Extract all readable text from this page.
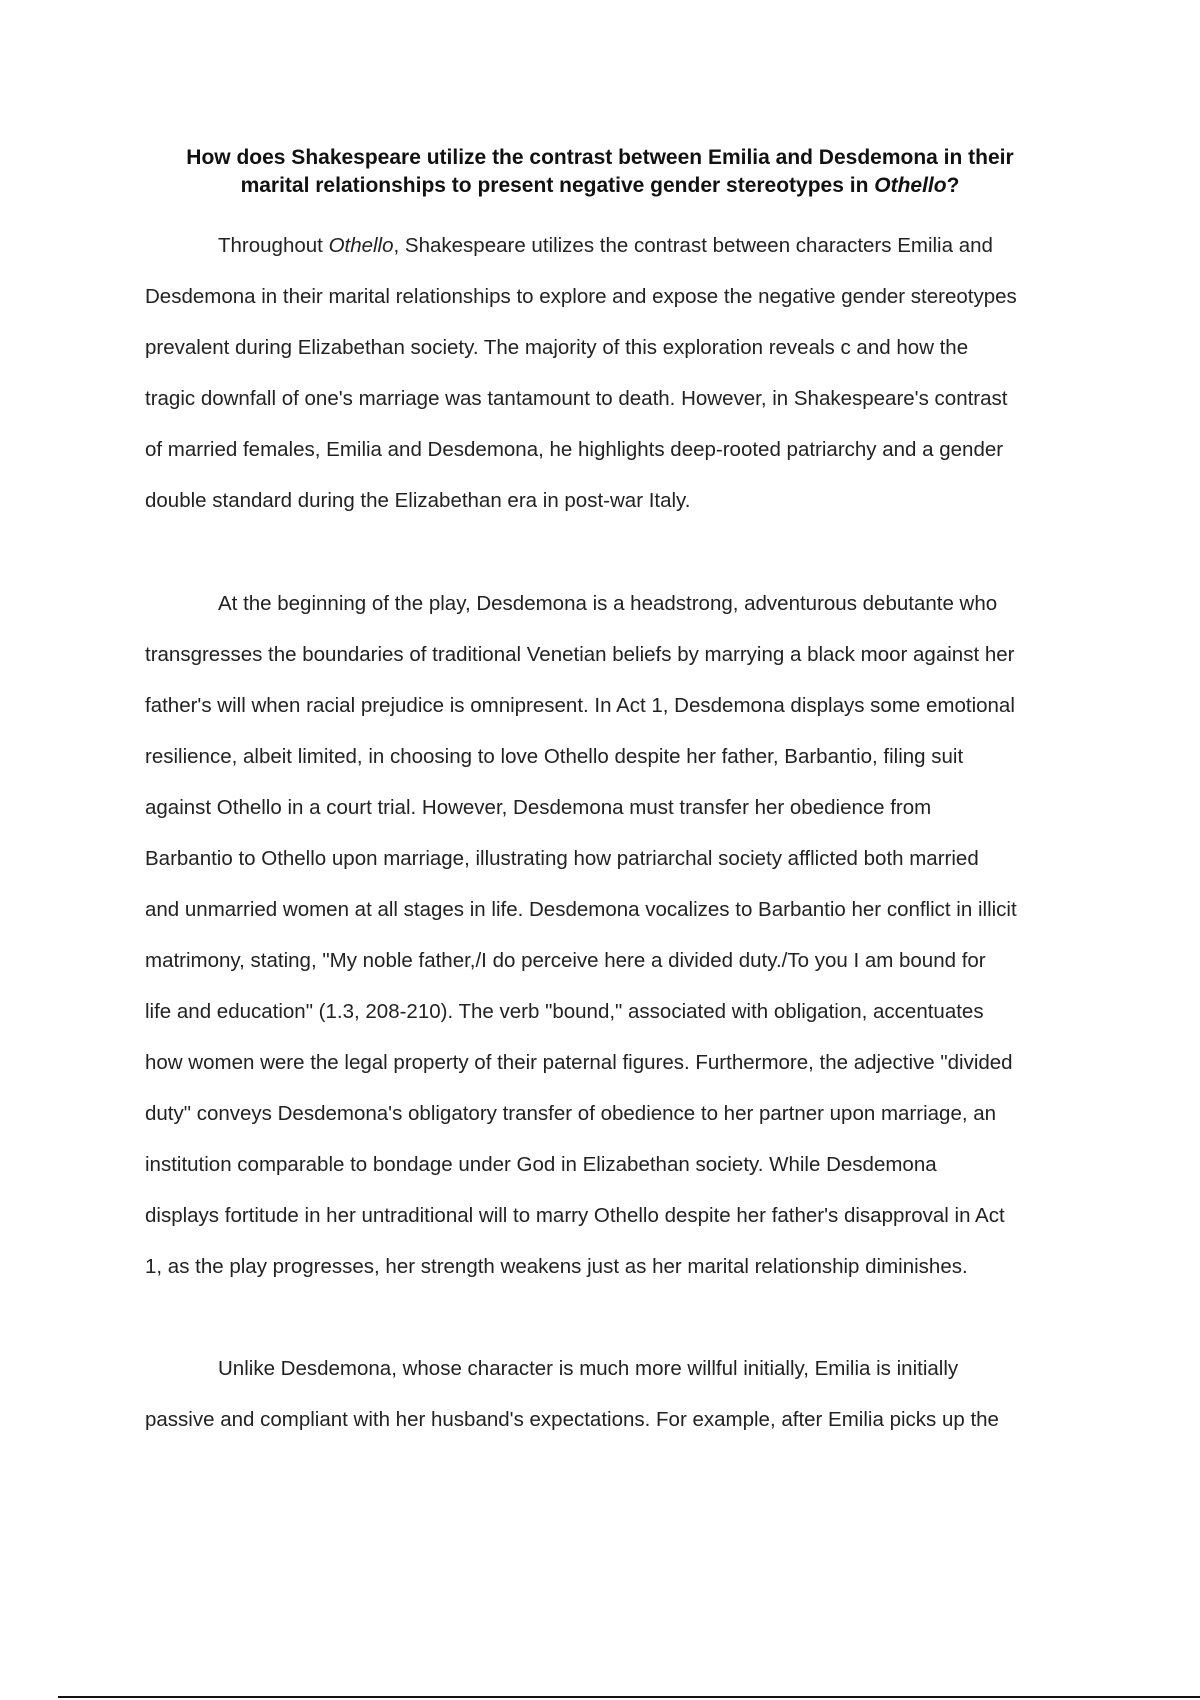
How does Shakespeare utilize the contrast between Emilia and Desdemona in their
marital relationships to present negative gender stereotypes in Othello?
Throughout Othello, Shakespeare utilizes the contrast between characters Emilia and
Desdemona in their marital relationships to explore and expose the negative gender stereotypes
prevalent during Elizabethan society. The majority of this exploration reveals c and how the
tragic downfall of one's marriage was tantamount to death. However, in Shakespeare's contrast
of married females, Emilia and Desdemona, he highlights deep-rooted patriarchy and a gender
double standard during the Elizabethan era in post-war Italy.
At the beginning of the play, Desdemona is a headstrong, adventurous debutante who
transgresses the boundaries of traditional Venetian beliefs by marrying a black moor against her
father's will when racial prejudice is omnipresent. In Act 1, Desdemona displays some emotional
resilience, albeit limited, in choosing to love Othello despite her father, Barbantio, filing suit
against Othello in a court trial. However, Desdemona must transfer her obedience from
Barbantio to Othello upon marriage, illustrating how patriarchal society afflicted both married
and unmarried women at all stages in life. Desdemona vocalizes to Barbantio her conflict in illicit
matrimony, stating, "My noble father,/I do perceive here a divided duty./To you I am bound for
life and education" (1.3, 208-210). The verb "bound," associated with obligation, accentuates
how women were the legal property of their paternal figures. Furthermore, the adjective "divided
duty" conveys Desdemona's obligatory transfer of obedience to her partner upon marriage, an
institution comparable to bondage under God in Elizabethan society. While Desdemona
displays fortitude in her untraditional will to marry Othello despite her father's disapproval in Act
1, as the play progresses, her strength weakens just as her marital relationship diminishes.
Unlike Desdemona, whose character is much more willful initially, Emilia is initially
passive and compliant with her husband's expectations. For example, after Emilia picks up the
